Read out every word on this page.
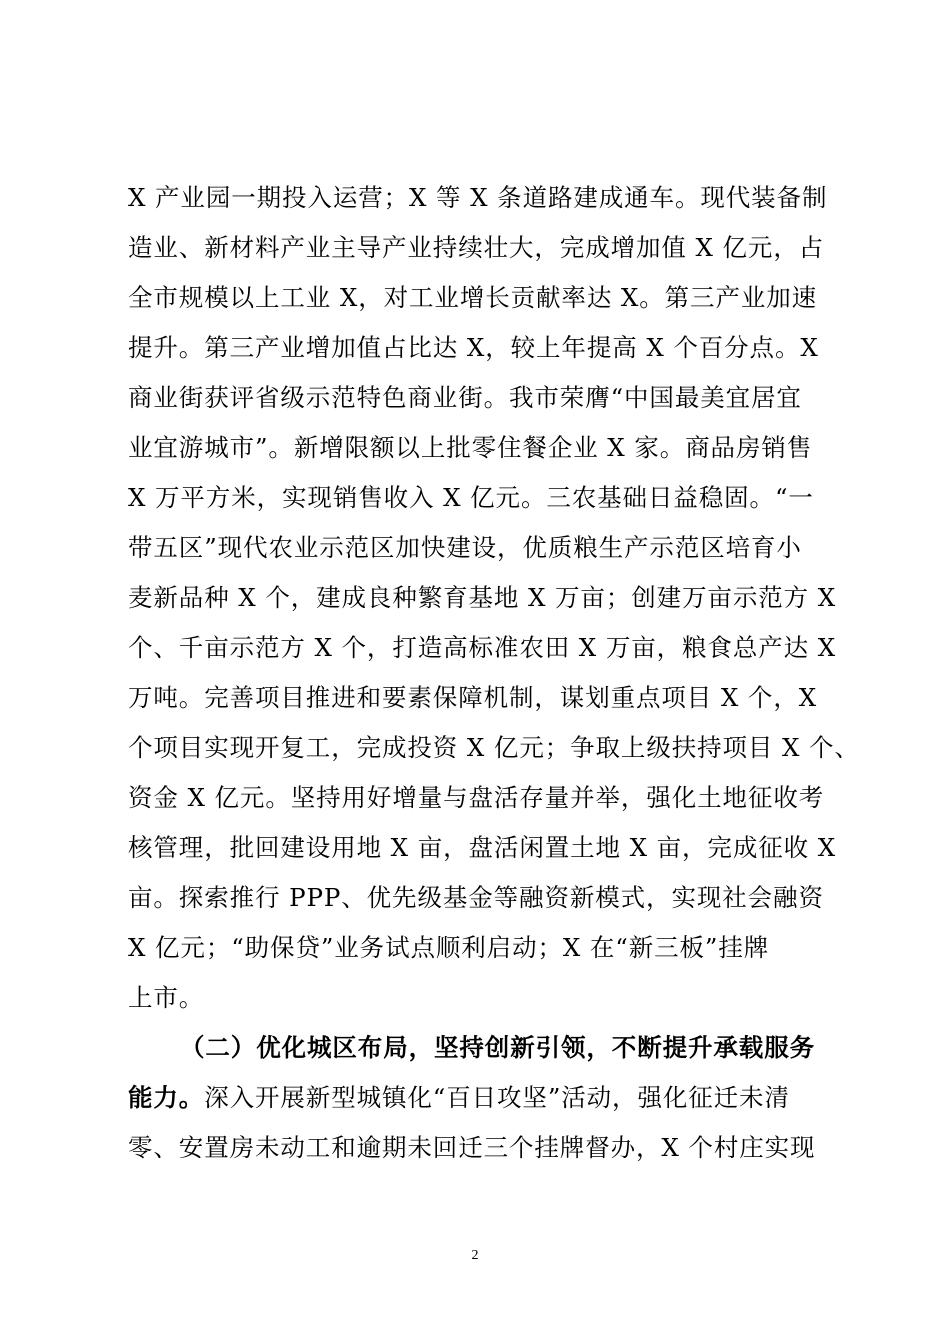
X 产业园一期投入运营；X 等 X 条道路建成通车。现代装备制
造业、新材料产业主导产业持续壮大，完成增加值 X 亿元，占
全市规模以上工业 X，对工业增长贡献率达 X。第三产业加速
提升。第三产业增加值占比达 X，较上年提高 X 个百分点。X
商业街获评省级示范特色商业街。我市荣膺“中国最美宜居宜
业宜游城市”。新增限额以上批零住餐企业 X 家。商品房销售
X 万平方米，实现销售收入 X 亿元。三农基础日益稳固。“一
带五区”现代农业示范区加快建设，优质粮生产示范区培育小
麦新品种 X 个，建成良种繁育基地 X 万亩；创建万亩示范方 X
个、千亩示范方 X 个，打造高标准农田 X 万亩，粮食总产达 X
万吨。完善项目推进和要素保障机制，谋划重点项目 X 个，X
个项目实现开复工，完成投资 X 亿元；争取上级扶持项目 X 个、
资金 X 亿元。坚持用好增量与盘活存量并举，强化土地征收考
核管理，批回建设用地 X 亩，盘活闲置土地 X 亩，完成征收 X
亩。探索推行 PPP、优先级基金等融资新模式，实现社会融资
X 亿元；“助保贷”业务试点顺利启动；X 在“新三板”挂牌
上市。
（二）优化城区布局，坚持创新引领，不断提升承载服务
能力。深入开展新型城镇化“百日攻坚”活动，强化征迁未清
零、安置房未动工和逾期未回迁三个挂牌督办，X 个村庄实现
2
